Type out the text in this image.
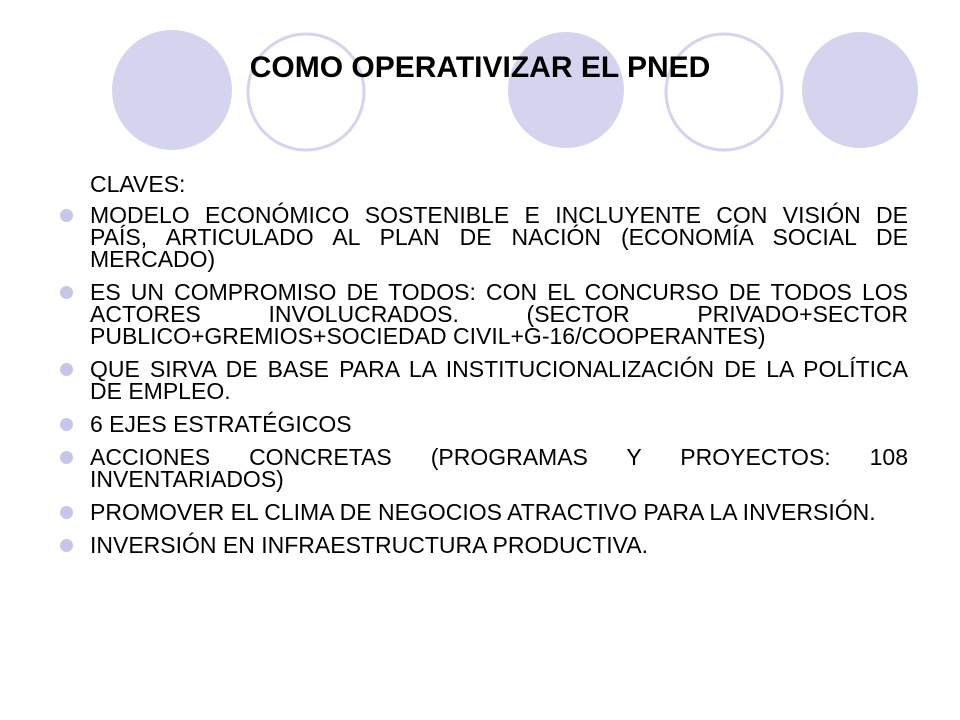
COMO OPERATIVIZAR EL PNED

CLAVES:

MODELO ECONÓMICO SOSTENIBLE E INCLUYENTE CON VISIÓN DE PAÍS, ARTICULADO AL PLAN DE NACIÓN (ECONOMÍA SOCIAL DE MERCADO)
ES UN COMPROMISO DE TODOS: CON EL CONCURSO DE TODOS LOS ACTORES INVOLUCRADOS. (SECTOR PRIVADO+SECTOR PUBLICO+GREMIOS+SOCIEDAD CIVIL+G-16/COOPERANTES)
QUE SIRVA DE BASE PARA LA INSTITUCIONALIZACIÓN DE LA POLÍTICA DE EMPLEO.
6 EJES ESTRATÉGICOS
ACCIONES CONCRETAS (PROGRAMAS Y PROYECTOS: 108 INVENTARIADOS)
PROMOVER EL CLIMA DE NEGOCIOS ATRACTIVO PARA LA INVERSIÓN.
INVERSIÓN EN INFRAESTRUCTURA PRODUCTIVA.
